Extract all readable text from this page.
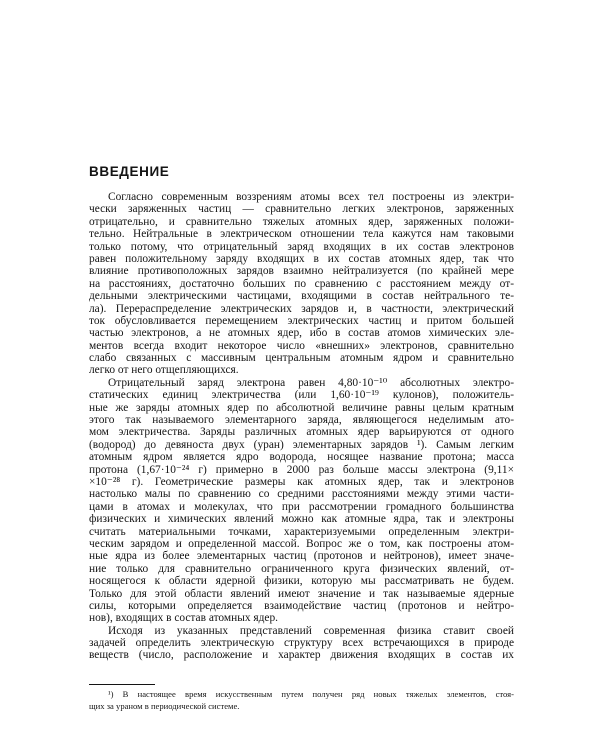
ВВЕДЕНИЕ
Согласно современным воззрениям атомы всех тел построены из электри-
чески заряженных частиц — сравнительно легких электронов, заряженных
отрицательно, и сравнительно тяжелых атомных ядер, заряженных положи-
тельно. Нейтральные в электрическом отношении тела кажутся нам таковыми
только потому, что отрицательный заряд входящих в их состав электронов
равен положительному заряду входящих в их состав атомных ядер, так что
влияние противоположных зарядов взаимно нейтрализуется (по крайней мере
на расстояниях, достаточно больших по сравнению с расстоянием между от-
дельными электрическими частицами, входящими в состав нейтрального те-
ла). Перераспределение электрических зарядов и, в частности, электрический
ток обусловливается перемещением электрических частиц и притом большей
частью электронов, а не атомных ядер, ибо в состав атомов химических эле-
ментов всегда входит некоторое число «внешних» электронов, сравнительно
слабо связанных с массивным центральным атомным ядром и сравнительно
легко от него отщепляющихся.
Отрицательный заряд электрона равен 4,80·10⁻¹⁰ абсолютных электро-
статических единиц электричества (или 1,60·10⁻¹⁹ кулонов), положитель-
ные же заряды атомных ядер по абсолютной величине равны целым кратным
этого так называемого элементарного заряда, являющегося неделимым ато-
мом электричества. Заряды различных атомных ядер варьируются от одного
(водород) до девяноста двух (уран) элементарных зарядов ¹). Самым легким
атомным ядром является ядро водорода, носящее название протона; масса
протона (1,67·10⁻²⁴ г) примерно в 2000 раз больше массы электрона (9,11×
×10⁻²⁸ г). Геометрические размеры как атомных ядер, так и электронов
настолько малы по сравнению со средними расстояниями между этими части-
цами в атомах и молекулах, что при рассмотрении громадного большинства
физических и химических явлений можно как атомные ядра, так и электроны
считать материальными точками, характеризуемыми определенным электри-
ческим зарядом и определенной массой. Вопрос же о том, как построены атом-
ные ядра из более элементарных частиц (протонов и нейтронов), имеет значе-
ние только для сравнительно ограниченного круга физических явлений, от-
носящегося к области ядерной физики, которую мы рассматривать не будем.
Только для этой области явлений имеют значение и так называемые ядерные
силы, которыми определяется взаимодействие частиц (протонов и нейтро-
нов), входящих в состав атомных ядер.
Исходя из указанных представлений современная физика ставит своей
задачей определить электрическую структуру всех встречающихся в природе
веществ (число, расположение и характер движения входящих в состав их
¹) В настоящее время искусственным путем получен ряд новых тяжелых элементов, стоя-
щих за ураном в периодической системе.
